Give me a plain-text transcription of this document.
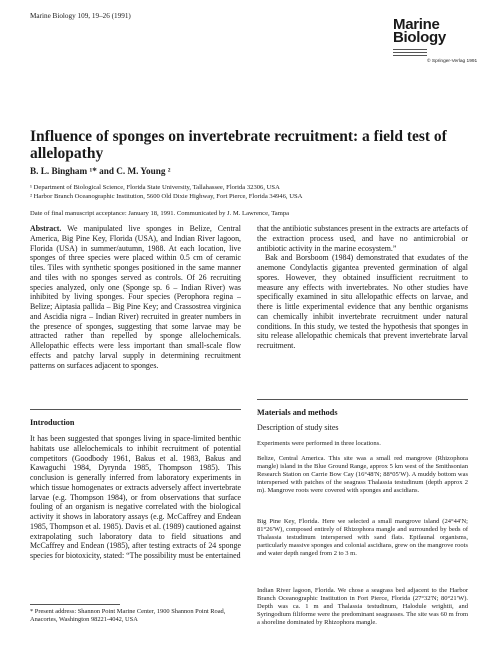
Marine Biology 109, 19–26 (1991)	Marine
Biology
© Springer-Verlag 1991
Influence of sponges on invertebrate recruitment: a field test of allelopathy
B. L. Bingham ¹* and C. M. Young ²
¹ Department of Biological Science, Florida State University, Tallahassee, Florida 32306, USA
² Harbor Branch Oceanographic Institution, 5600 Old Dixie Highway, Fort Pierce, Florida 34946, USA
Date of final manuscript acceptance: January 18, 1991. Communicated by J. M. Lawrence, Tampa
Abstract. We manipulated live sponges in Belize, Central America, Big Pine Key, Florida (USA), and Indian River lagoon, Florida (USA) in summer/autumn, 1988. At each location, live sponges of three species were placed within 0.5 cm of ceramic tiles. Tiles with synthetic sponges positioned in the same manner and tiles with no sponges served as controls. Of 26 recruiting species analyzed, only one (Sponge sp. 6 – Indian River) was inhibited by living sponges. Four species (Perophora regina – Belize; Aiptasia pallida – Big Pine Key; and Crassostrea virginica and Ascidia nigra – Indian River) recruited in greater numbers in the presence of sponges, suggesting that some larvae may be attracted rather than repelled by sponge allelochemicals. Allelopathic effects were less important than small-scale flow effects and patchy larval supply in determining recruitment patterns on surfaces adjacent to sponges.

that the antibiotic substances present in the extracts are artefacts of the extraction process used, and have no antimicrobial or antibiotic activity in the marine ecosystem.”

Bak and Borsboom (1984) demonstrated that exudates of the anemone Condylactis gigantea prevented germination of algal spores. However, they obtained insufficient recruitment to measure any effects with invertebrates. No other studies have specifically examined in situ allelopathic effects on larvae, and there is little experimental evidence that any benthic organisms can chemically inhibit invertebrate recruitment under natural conditions. In this study, we tested the hypothesis that sponges in situ release allelopathic chemicals that prevent invertebrate larval recruitment.

Introduction
It has been suggested that sponges living in space-limited benthic habitats use allelochemicals to inhibit recruitment of potential competitors (Goodbody 1961, Bakus et al. 1983, Bakus and Kawaguchi 1984, Dyrynda 1985, Thompson 1985). This conclusion is generally inferred from laboratory experiments in which tissue homogenates or extracts adversely affect invertebrate larvae (e.g. Thompson 1984), or from observations that surface fouling of an organism is negative correlated with the biological activity it shows in laboratory assays (e.g. McCaffrey and Endean 1985, Thompson et al. 1985). Davis et al. (1989) cautioned against extrapolating such laboratory data to field situations and McCaffrey and Endean (1985), after testing extracts of 24 sponge species for biotoxicity, stated: “The possibility must be entertained
Materials and methods
Description of study sites
Experiments were performed in three locations.
Belize, Central America. This site was a small red mangrove (Rhizophora mangle) island in the Blue Ground Range, approx 5 km west of the Smithsonian Research Station on Carrie Bow Cay (16°48′N; 88°05′W). A muddy bottom was interspersed with patches of the seagrass Thalassia testudinum (depth approx 2 m). Mangrove roots were covered with sponges and ascidians.
Big Pine Key, Florida. Here we selected a small mangrove island (24°44′N; 81°26′W), composed entirely of Rhizophora mangle and surrounded by beds of Thalassia testudinum interspersed with sand flats. Epifaunal organisms, particularly massive sponges and colonial ascidians, grew on the mangrove roots and water depth ranged from 2 to 3 m.
Indian River lagoon, Florida. We chose a seagrass bed adjacent to the Harbor Branch Oceanographic Institution in Fort Pierce, Florida (27°32′N; 80°21′W). Depth was ca. 1 m and Thalassia testudinum, Halodule wrightii, and Syringodium filiforme were the predominant seagrasses. The site was 60 m from a shoreline dominated by Rhizophora mangle.
* Present address: Shannon Point Marine Center, 1900 Shannon Point Road, Anacortes, Washington 98221-4042, USA
